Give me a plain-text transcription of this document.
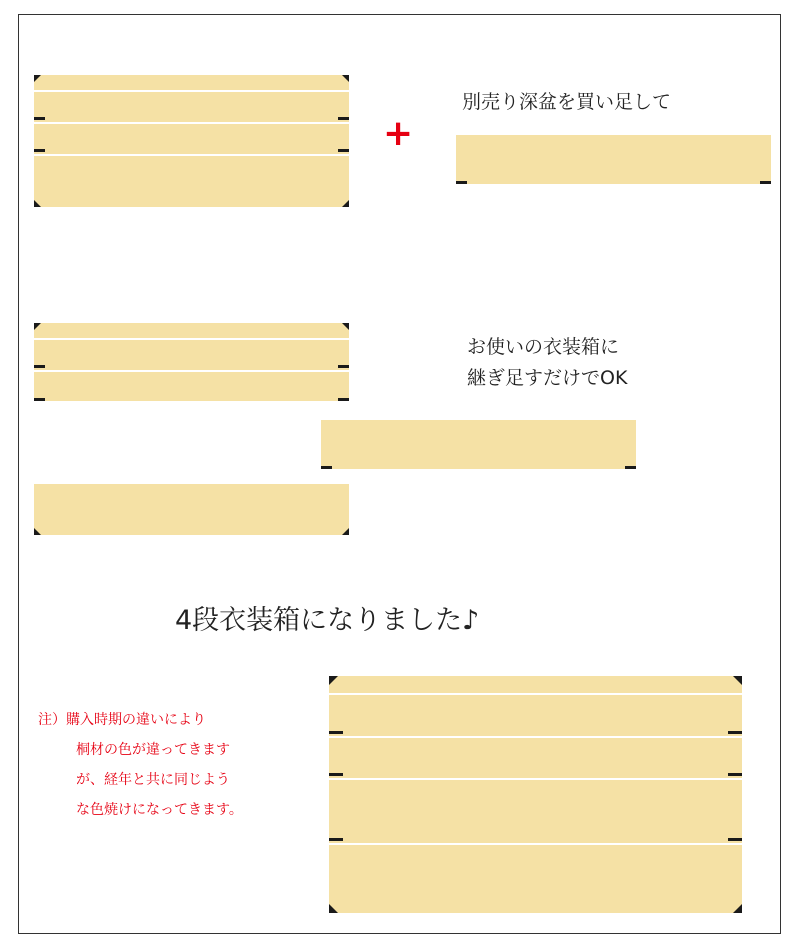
+
別売り深盆を買い足して
お使いの衣装箱に
継ぎ足すだけでOK
4段衣装箱になりました♪
注）購入時期の違いにより
桐材の色が違ってきます
が、経年と共に同じよう
な色焼けになってきます。
